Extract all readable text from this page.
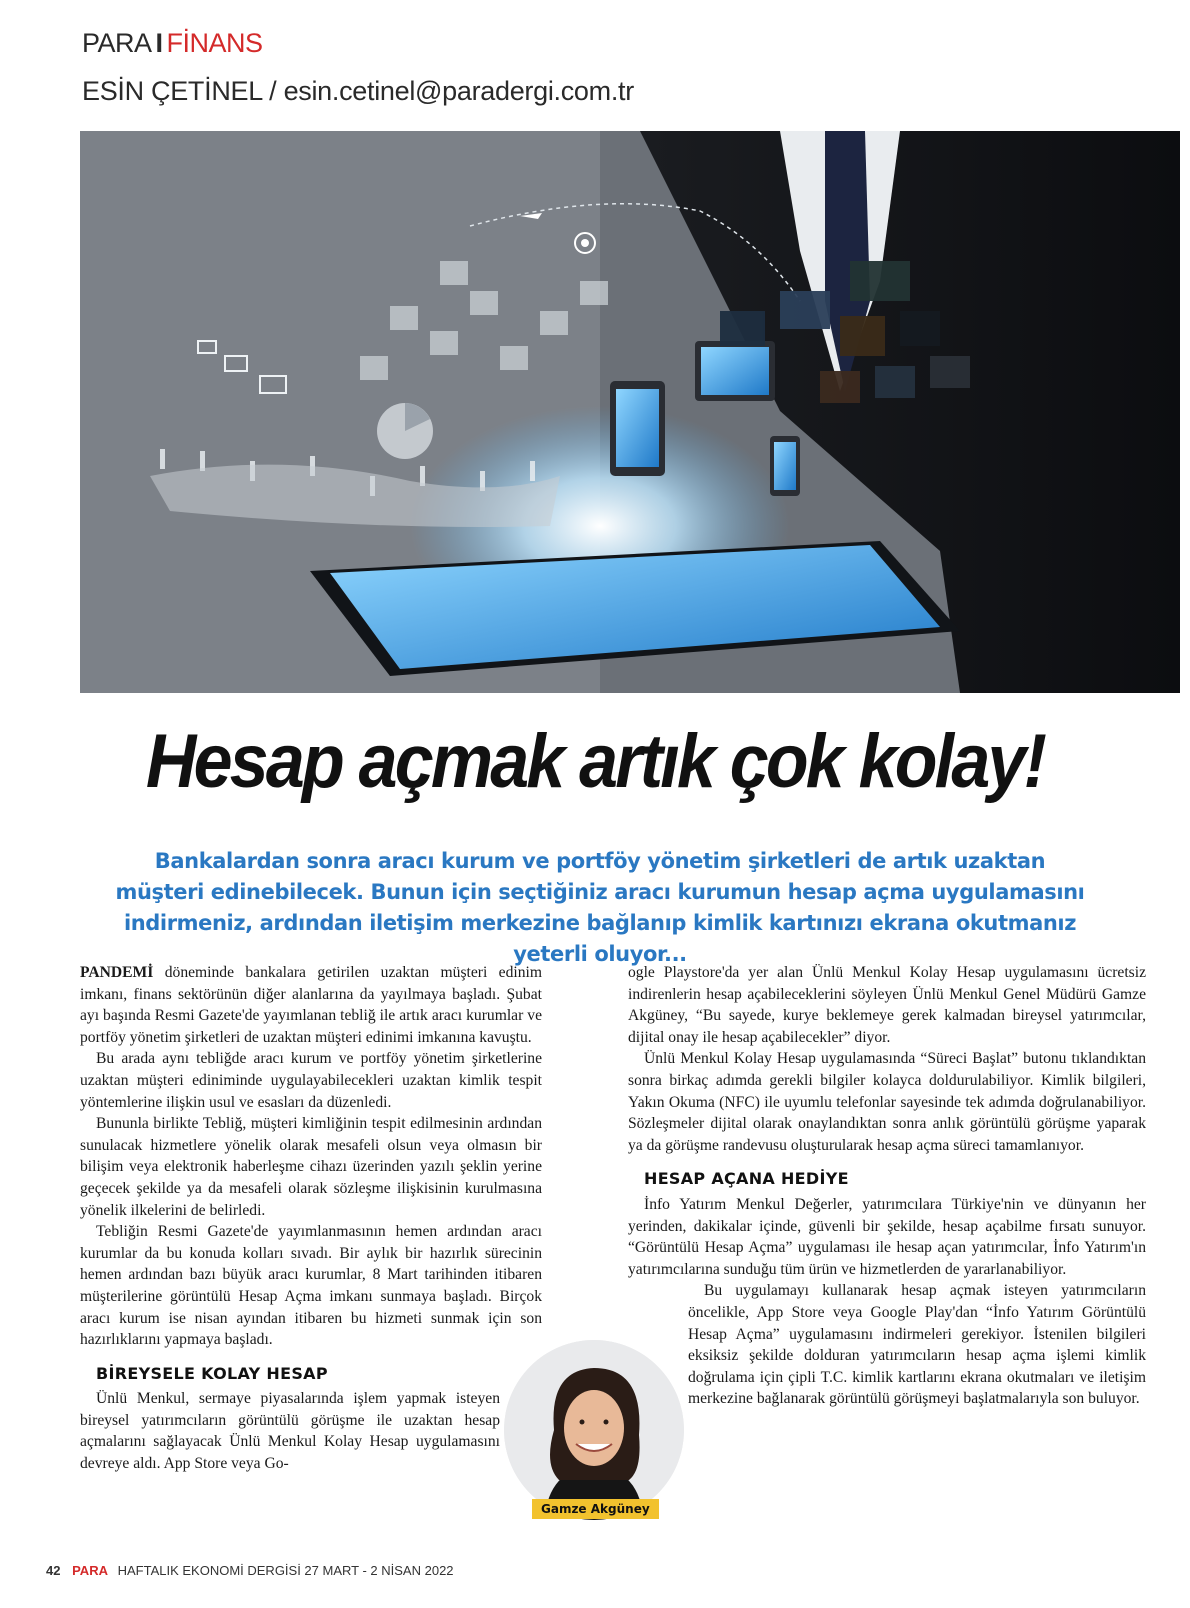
PARA I FİNANS
ESİN ÇETİNEL / esin.cetinel@paradergi.com.tr
Hesap açmak artık çok kolay!
Bankalardan sonra aracı kurum ve portföy yönetim şirketleri de artık uzaktan müşteri edinebilecek. Bunun için seçtiğiniz aracı kurumun hesap açma uygulamasını indirmeniz, ardından iletişim merkezine bağlanıp kimlik kartınızı ekrana okutmanız yeterli oluyor...

PANDEMİ döneminde bankalara getirilen uzaktan müşteri edinim imkanı, finans sektörünün diğer alanlarına da yayılmaya başladı. Şubat ayı başında Resmi Gazete'de yayımlanan tebliğ ile artık aracı kurumlar ve portföy yönetim şirketleri de uzaktan müşteri edinimi imkanına kavuştu.

Bu arada aynı tebliğde aracı kurum ve portföy yönetim şirketlerine uzaktan müşteri ediniminde uygulayabilecekleri uzaktan kimlik tespit yöntemlerine ilişkin usul ve esasları da düzenledi.

Bununla birlikte Tebliğ, müşteri kimliğinin tespit edilmesinin ardından sunulacak hizmetlere yönelik olarak mesafeli olsun veya olmasın bir bilişim veya elektronik haberleşme cihazı üzerinden yazılı şeklin yerine geçecek şekilde ya da mesafeli olarak sözleşme ilişkisinin kurulmasına yönelik ilkelerini de belirledi.

Tebliğin Resmi Gazete'de yayımlanmasının hemen ardından aracı kurumlar da bu konuda kolları sıvadı. Bir aylık bir hazırlık sürecinin hemen ardından bazı büyük aracı kurumlar, 8 Mart tarihinden itibaren müşterilerine görüntülü Hesap Açma imkanı sunmaya başladı. Birçok aracı kurum ise nisan ayından itibaren bu hizmeti sunmak için son hazırlıklarını yapmaya başladı.

BİREYSELE KOLAY HESAP

Ünlü Menkul, sermaye piyasalarında işlem yapmak isteyen bireysel yatırımcıların görüntülü görüşme ile uzaktan hesap açmalarını sağlayacak Ünlü Menkul Kolay Hesap uygulamasını devreye aldı. App Store veya Go-

ogle Playstore'da yer alan Ünlü Menkul Kolay Hesap uygulamasını ücretsiz indirenlerin hesap açabileceklerini söyleyen Ünlü Menkul Genel Müdürü Gamze Akgüney, “Bu sayede, kurye beklemeye gerek kalmadan bireysel yatırımcılar, dijital onay ile hesap açabilecekler” diyor.

Ünlü Menkul Kolay Hesap uygulamasında “Süreci Başlat” butonu tıklandıktan sonra birkaç adımda gerekli bilgiler kolayca doldurulabiliyor. Kimlik bilgileri, Yakın Okuma (NFC) ile uyumlu telefonlar sayesinde tek adımda doğrulanabiliyor. Sözleşmeler dijital olarak onaylandıktan sonra anlık görüntülü görüşme yaparak ya da görüşme randevusu oluşturularak hesap açma süreci tamamlanıyor.

HESAP AÇANA HEDİYE

İnfo Yatırım Menkul Değerler, yatırımcılara Türkiye'nin ve dünyanın her yerinden, dakikalar içinde, güvenli bir şekilde, hesap açabilme fırsatı sunuyor. “Görüntülü Hesap Açma” uygulaması ile hesap açan yatırımcılar, İnfo Yatırım'ın yatırımcılarına sunduğu tüm ürün ve hizmetlerden de yararlanabiliyor.

Bu uygulamayı kullanarak hesap açmak isteyen yatırımcıların öncelikle, App Store veya Google Play'dan “İnfo Yatırım Görüntülü Hesap Açma” uygulamasını indirmeleri gerekiyor. İstenilen bilgileri eksiksiz şekilde dolduran yatırımcıların hesap açma işlemi kimlik doğrulama için çipli T.C. kimlik kartlarını ekrana okutmaları ve iletişim merkezine bağlanarak görüntülü görüşmeyi başlatmalarıyla son buluyor.

Gamze Akgüney
42 PARA HAFTALIK EKONOMİ DERGİSİ 27 MART - 2 NİSAN 2022
